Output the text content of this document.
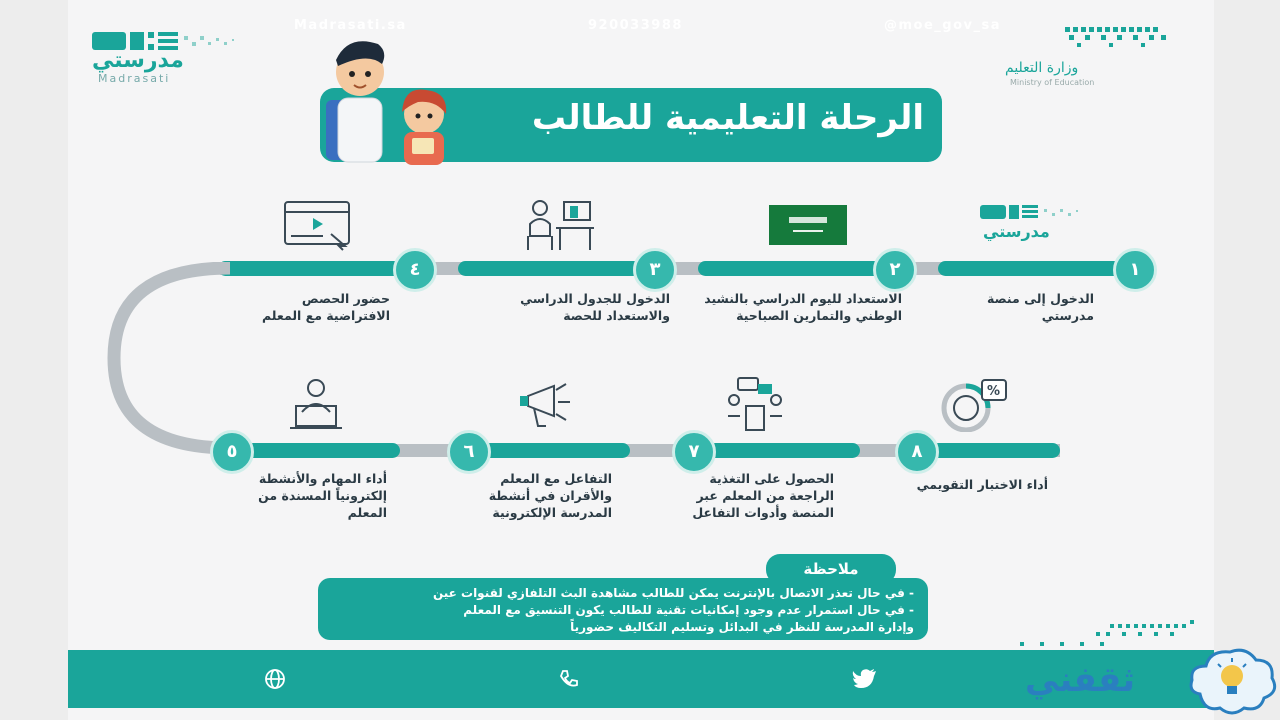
مدرستي
Madrasati
وزارة التعليم
Ministry of Education
الرحلة التعليمية للطالب
١
٢
٣
٤
٥	٦	٧	٨
مدرستي
%
الدخول إلى منصة
مدرستي
الاستعداد لليوم الدراسي بالنشيد
الوطني والتمارين الصباحية
الدخول للجدول الدراسي
والاستعداد للحصة
حضور الحصص
الافتراضية مع المعلم
أداء الاختبار التقويمي
الحصول على التغذية
الراجعة من المعلم عبر
المنصة وأدوات التفاعل
التفاعل مع المعلم
والأقران في أنشطة
المدرسة الإلكترونية
أداء المهام والأنشطة
إلكترونياً المسندة من
المعلم
- في حال تعذر الاتصال بالإنترنت يمكن للطالب مشاهدة البث التلفازي لقنوات عين
- في حال استمرار عدم وجود إمكانيات تقنية للطالب يكون التنسيق مع المعلم
وإدارة المدرسة للنظر في البدائل وتسليم التكاليف حضورياً
ملاحظة
Madrasati.sa	920033988	@moe_gov_sa
ثقفني
